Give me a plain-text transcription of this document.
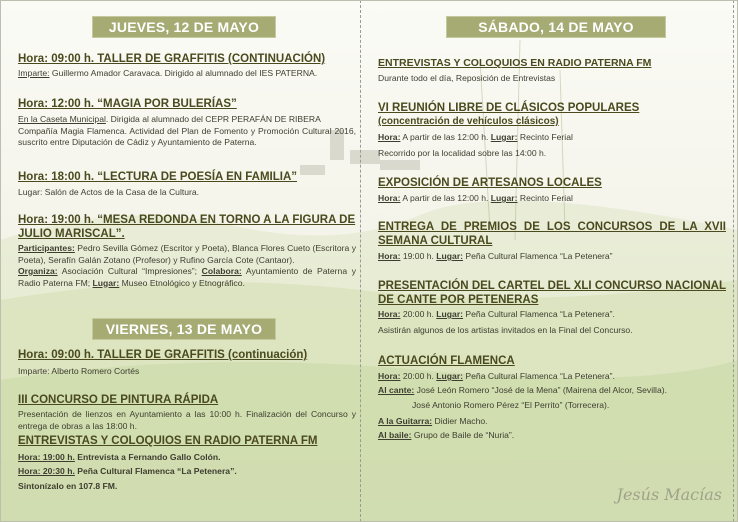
JUEVES, 12 DE MAYO
Hora: 09:00 h. TALLER DE GRAFFITIS (CONTINUACIÓN)
Imparte: Guillermo Amador Caravaca. Dirigido al alumnado del IES PATERNA.
Hora: 12:00 h. “MAGIA POR BULERÍAS”
En la Caseta Municipal. Dirigida al alumnado del CEPR PERAFÁN DE RIBERA
Compañía Magia Flamenca. Actividad del Plan de Fomento y Promoción Cultural 2016, suscrito entre Diputación de Cádiz y Ayuntamiento de Paterna.
Hora: 18:00 h. “LECTURA DE POESÍA EN FAMILIA”
Lugar: Salón de Actos de la Casa de la Cultura.
Hora: 19:00 h. “MESA REDONDA EN TORNO A LA FIGURA DE JULIO MARISCAL”.
Participantes: Pedro Sevilla Gómez (Escritor y Poeta), Blanca Flores Cueto (Escritora y Poeta), Serafín Galán Zotano (Profesor) y Rufino García Cote (Cantaor).
Organiza: Asociación Cultural “Impresiones”; Colabora: Ayuntamiento de Paterna y Radio Paterna FM; Lugar: Museo Etnológico y Etnográfico.
VIERNES, 13 DE MAYO
Hora: 09:00 h. TALLER DE GRAFFITIS (continuación)
Imparte: Alberto Romero Cortés
III CONCURSO DE PINTURA RÁPIDA
Presentación de lienzos en Ayuntamiento a las 10:00 h. Finalización del Concurso y entrega de obras a las 18:00 h.
ENTREVISTAS Y COLOQUIOS EN RADIO PATERNA FM
Hora: 19:00 h. Entrevista a Fernando Gallo Colón.
Hora: 20:30 h. Peña Cultural Flamenca “La Petenera”.
Sintonízalo en 107.8 FM.
SÁBADO, 14 DE MAYO
ENTREVISTAS Y COLOQUIOS EN RADIO PATERNA FM
Durante todo el día, Reposición de Entrevistas
VI REUNIÓN LIBRE DE CLÁSICOS POPULARES
(concentración de vehículos clásicos)
Hora: A partir de las 12:00 h. Lugar: Recinto Ferial
Recorrido por la localidad sobre las 14:00 h.
EXPOSICIÓN DE ARTESANOS LOCALES
Hora: A partir de las 12:00 h. Lugar: Recinto Ferial
ENTREGA DE PREMIOS DE LOS CONCURSOS DE LA XVII SEMANA CULTURAL
Hora: 19:00 h. Lugar: Peña Cultural Flamenca “La Petenera”
PRESENTACIÓN DEL CARTEL DEL XLI CONCURSO NACIONAL DE CANTE POR PETENERAS
Hora: 20:00 h. Lugar: Peña Cultural Flamenca “La Petenera”.
Asistirán algunos de los artistas invitados en la Final del Concurso.
ACTUACIÓN FLAMENCA
Hora: 20:00 h. Lugar: Peña Cultural Flamenca “La Petenera”.
Al cante: José León Romero “José de la Mena” (Mairena del Alcor, Sevilla).
José Antonio Romero Pérez “El Perrito” (Torrecera).
A la Guitarra: Didier Macho.
Al baile: Grupo de Baile de “Nuria”.
Jesús Macías
